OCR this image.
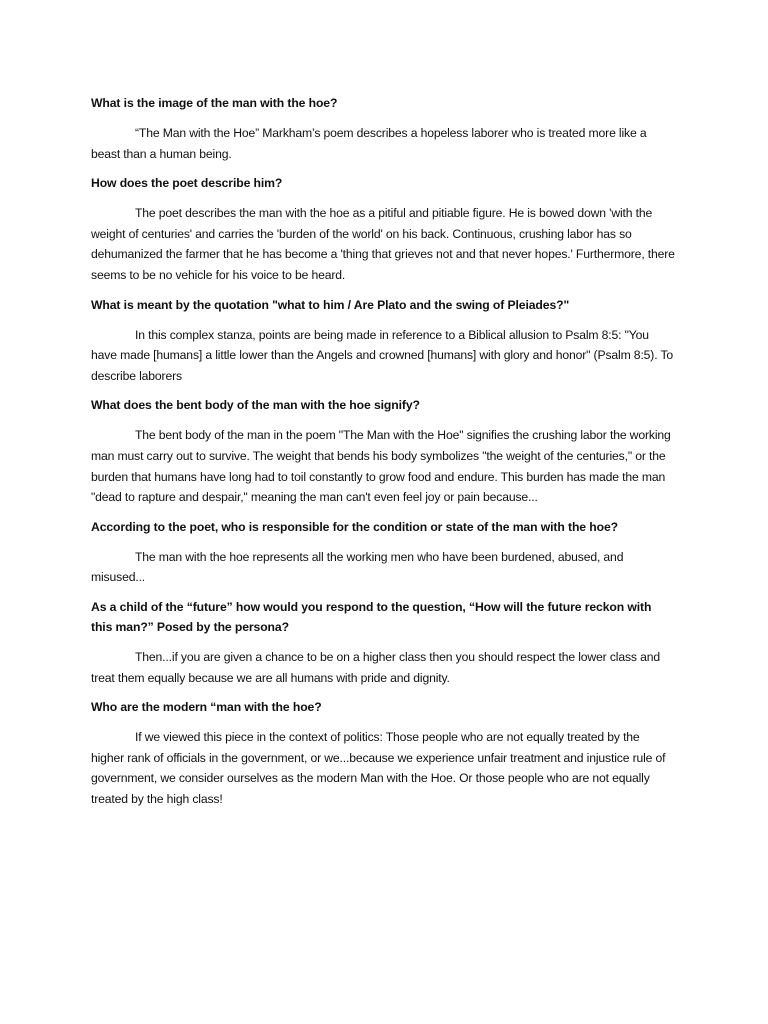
What is the image of the man with the hoe?

“The Man with the Hoe” Markham’s poem describes a hopeless laborer who is treated more like a beast than a human being.

How does the poet describe him?

The poet describes the man with the hoe as a pitiful and pitiable figure. He is bowed down 'with the weight of centuries' and carries the 'burden of the world' on his back. Continuous, crushing labor has so dehumanized the farmer that he has become a 'thing that grieves not and that never hopes.' Furthermore, there seems to be no vehicle for his voice to be heard.

What is meant by the quotation "what to him / Are Plato and the swing of Pleiades?"

In this complex stanza, points are being made in reference to a Biblical allusion to Psalm 8:5: "You have made [humans] a little lower than the Angels and crowned [humans] with glory and honor" (Psalm 8:5). To describe laborers

What does the bent body of the man with the hoe signify?

The bent body of the man in the poem "The Man with the Hoe" signifies the crushing labor the working man must carry out to survive. The weight that bends his body symbolizes "the weight of the centuries," or the burden that humans have long had to toil constantly to grow food and endure. This burden has made the man "dead to rapture and despair," meaning the man can't even feel joy or pain because...

According to the poet, who is responsible for the condition or state of the man with the hoe?

The man with the hoe represents all the working men who have been burdened, abused, and misused...

As a child of the “future” how would you respond to the question, “How will the future reckon with this man?” Posed by the persona?

Then...if you are given a chance to be on a higher class then you should respect the lower class and treat them equally because we are all humans with pride and dignity.

Who are the modern “man with the hoe?

If we viewed this piece in the context of politics: Those people who are not equally treated by the higher rank of officials in the government, or we...because we experience unfair treatment and injustice rule of government, we consider ourselves as the modern Man with the Hoe. Or those people who are not equally treated by the high class!
